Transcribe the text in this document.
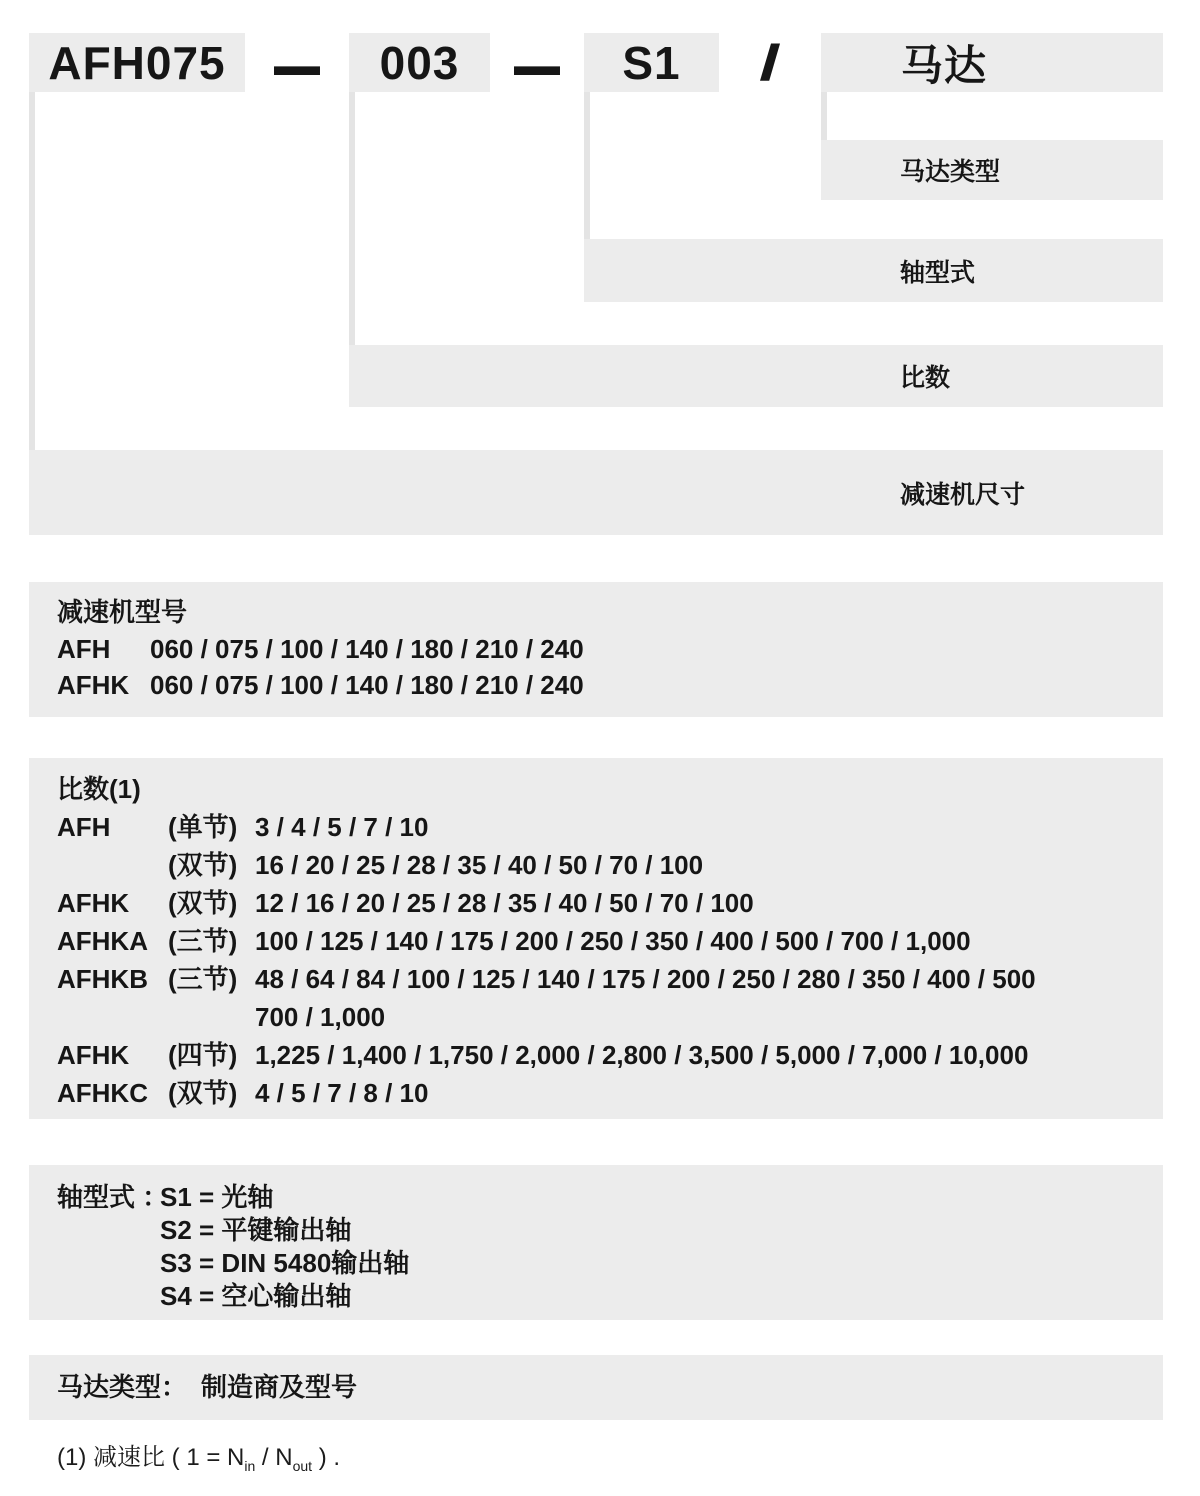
AFH075	—	003	—	S1	/	马达
马达类型
轴型式
比数
减速机尺寸
减速机型号
AFH	060 / 075 / 100 / 140 / 180 / 210 / 240
AFHK 060 / 075 / 100 / 140 / 180 / 210 / 240
比数(1)
AFH	(单节) 3 / 4 / 5 / 7 / 10
(双节) 16 / 20 / 25 / 28 / 35 / 40 / 50 / 70 / 100
AFHK	(双节) 12 / 16 / 20 / 25 / 28 / 35 / 40 / 50 / 70 / 100
AFHKA (三节) 100 / 125 / 140 / 175 / 200 / 250 / 350 / 400 / 500 / 700 / 1,000
AFHKB (三节) 48 / 64 / 84 / 100 / 125 / 140 / 175 / 200 / 250 / 280 / 350 / 400 / 500
700 / 1,000
AFHK	(四节) 1,225 / 1,400 / 1,750 / 2,000 / 2,800 / 3,500 / 5,000 / 7,000 / 10,000
AFHKC (双节) 4 / 5 / 7 / 8 / 10
轴型式 ：
S1 = 光轴
S2 = 平键输出轴
S3 = DIN 5480输出轴
S4 = 空心输出轴
马达类型： 制造商及型号
(1) 减速比 ( $1 = N_{in} / N_{out}$ ) .
